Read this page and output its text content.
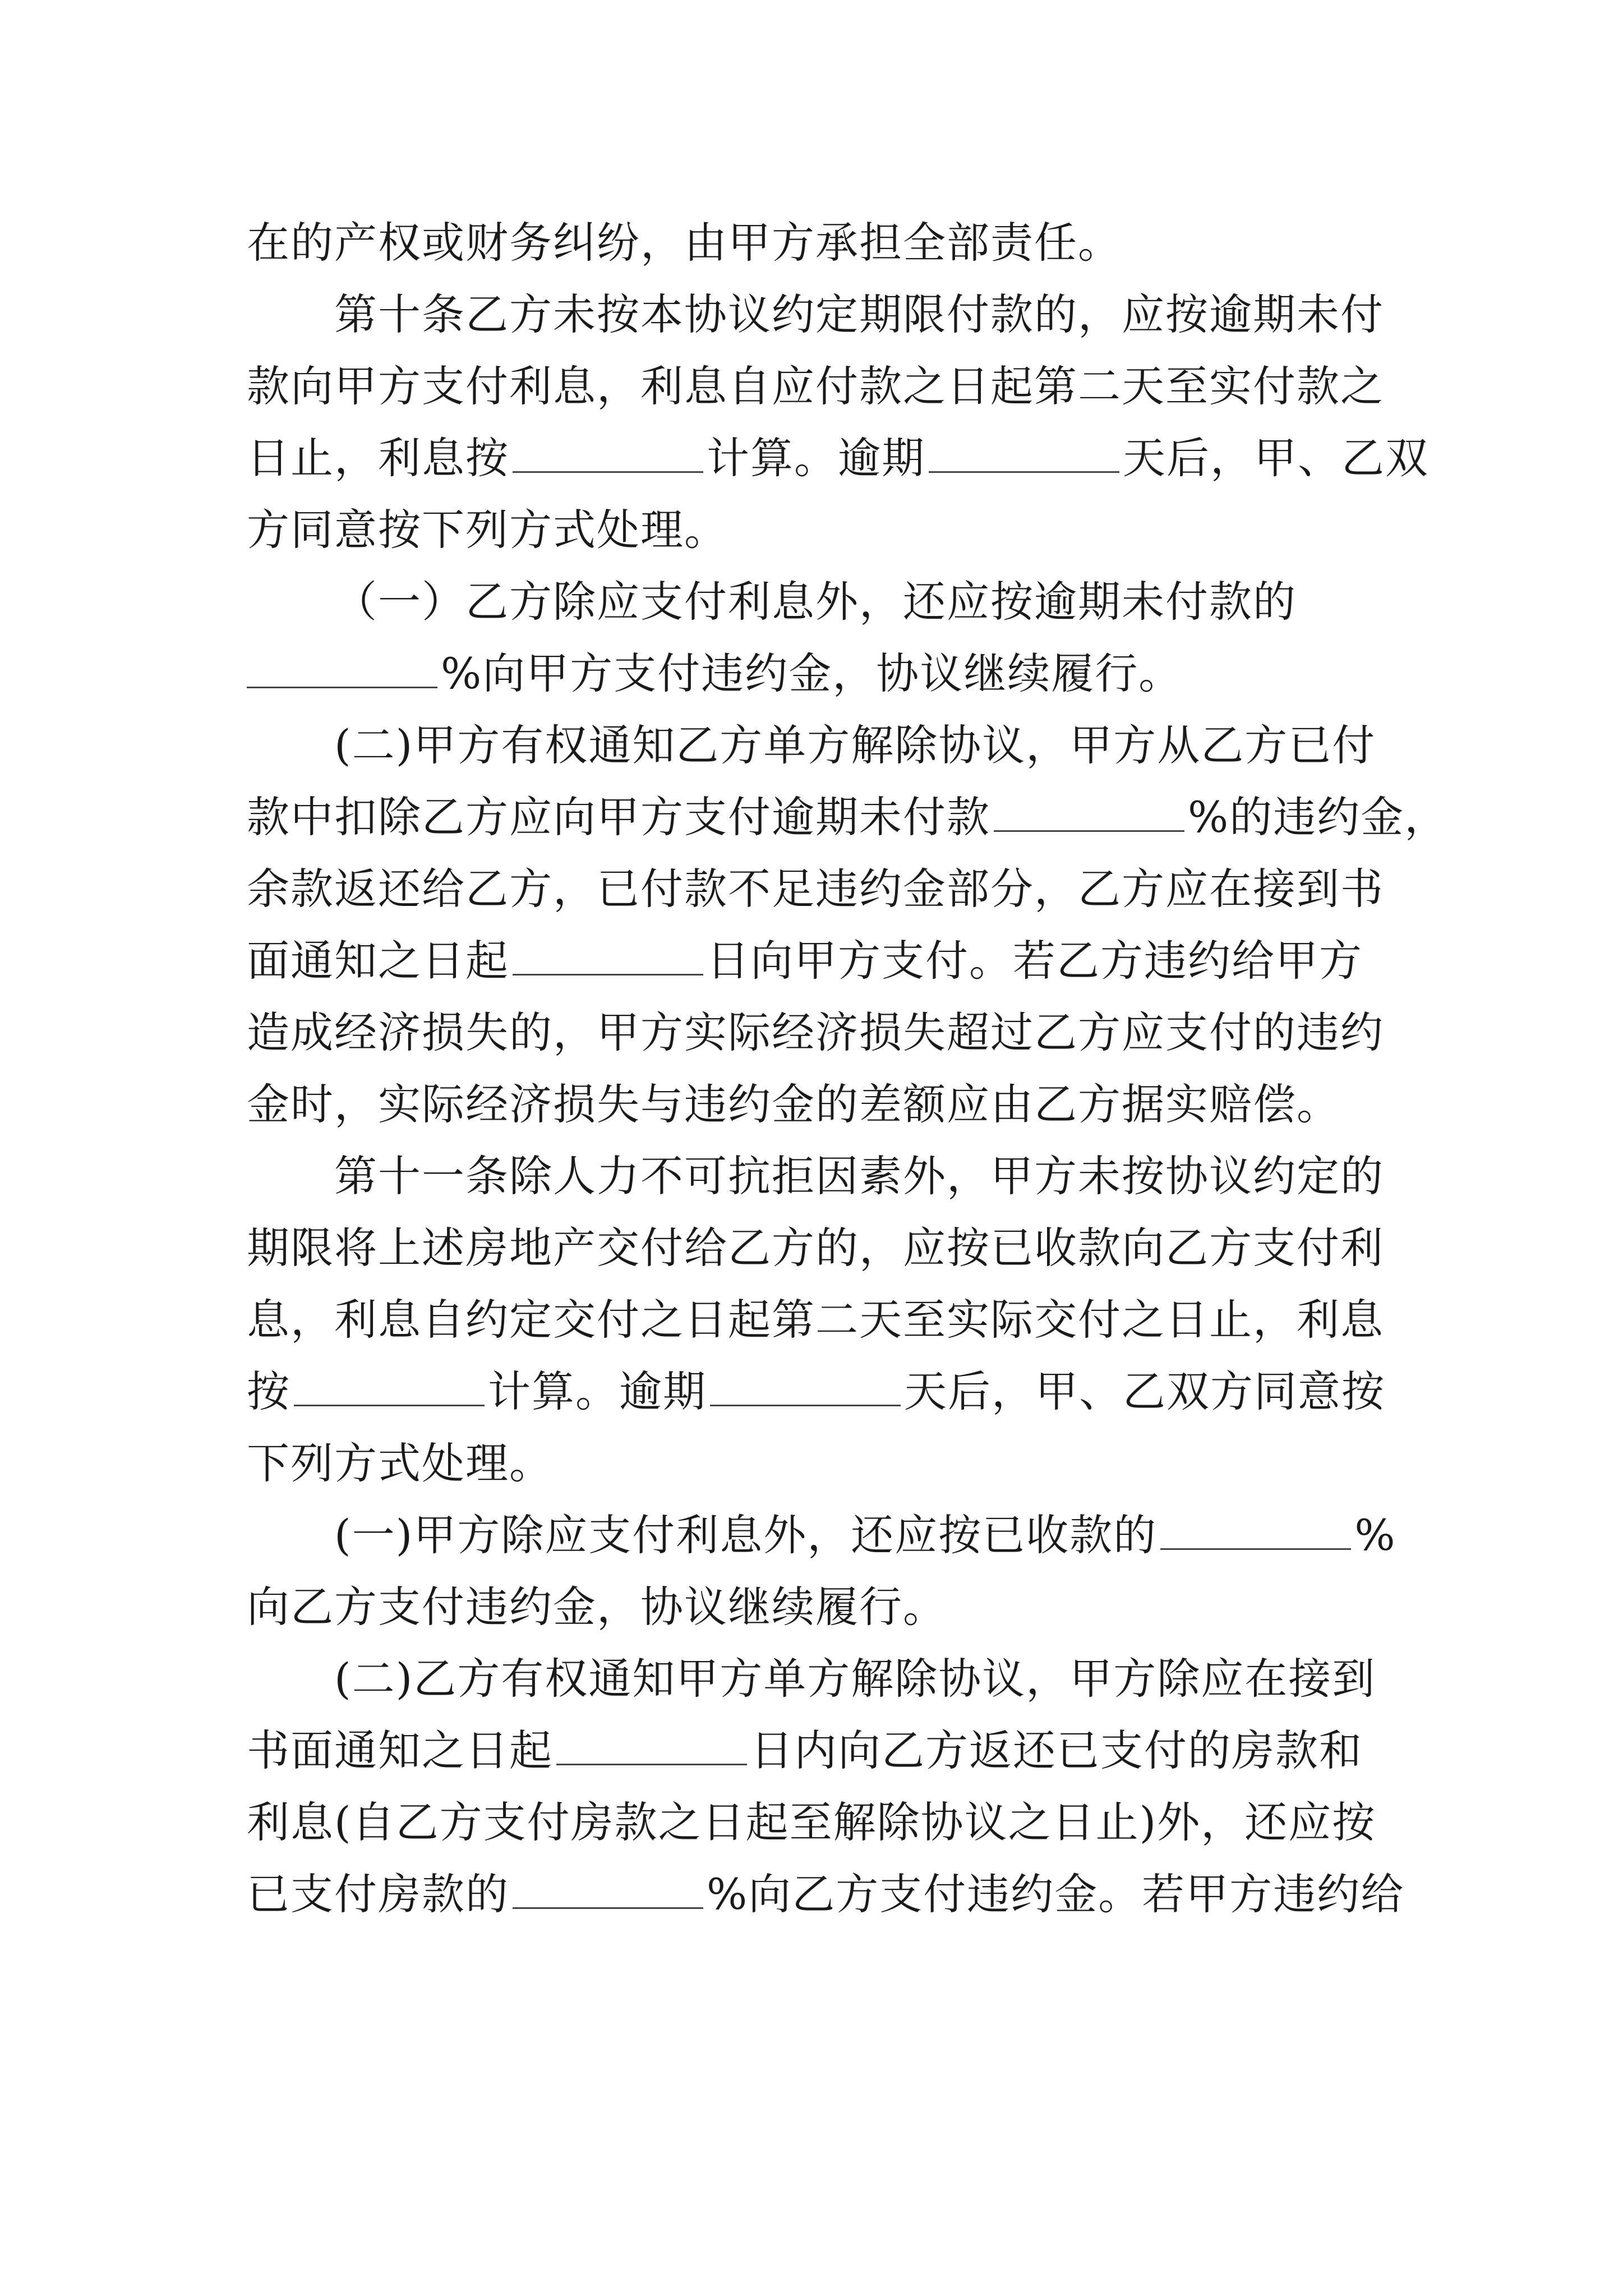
在的产权或财务纠纷，由甲方承担全部责任。
第十条乙方未按本协议约定期限付款的，应按逾期未付
款向甲方支付利息，利息自应付款之日起第二天至实付款之
日止，利息按	计算。逾期	天后，甲、乙双
方同意按下列方式处理。
（一）乙方除应支付利息外，还应按逾期未付款的
%向甲方支付违约金，协议继续履行。
(二)甲方有权通知乙方单方解除协议，甲方从乙方已付
款中扣除乙方应向甲方支付逾期未付款	%的违约金，
余款返还给乙方，已付款不足违约金部分，乙方应在接到书
面通知之日起	日向甲方支付。若乙方违约给甲方
造成经济损失的，甲方实际经济损失超过乙方应支付的违约
金时，实际经济损失与违约金的差额应由乙方据实赔偿。
第十一条除人力不可抗拒因素外，甲方未按协议约定的
期限将上述房地产交付给乙方的，应按已收款向乙方支付利
息，利息自约定交付之日起第二天至实际交付之日止，利息
按	计算。逾期	天后，甲、乙双方同意按
下列方式处理。
(一)甲方除应支付利息外，还应按已收款的	%
向乙方支付违约金，协议继续履行。
(二)乙方有权通知甲方单方解除协议，甲方除应在接到
书面通知之日起	日内向乙方返还已支付的房款和
利息(自乙方支付房款之日起至解除协议之日止)外，还应按
已支付房款的	%向乙方支付违约金。若甲方违约给
